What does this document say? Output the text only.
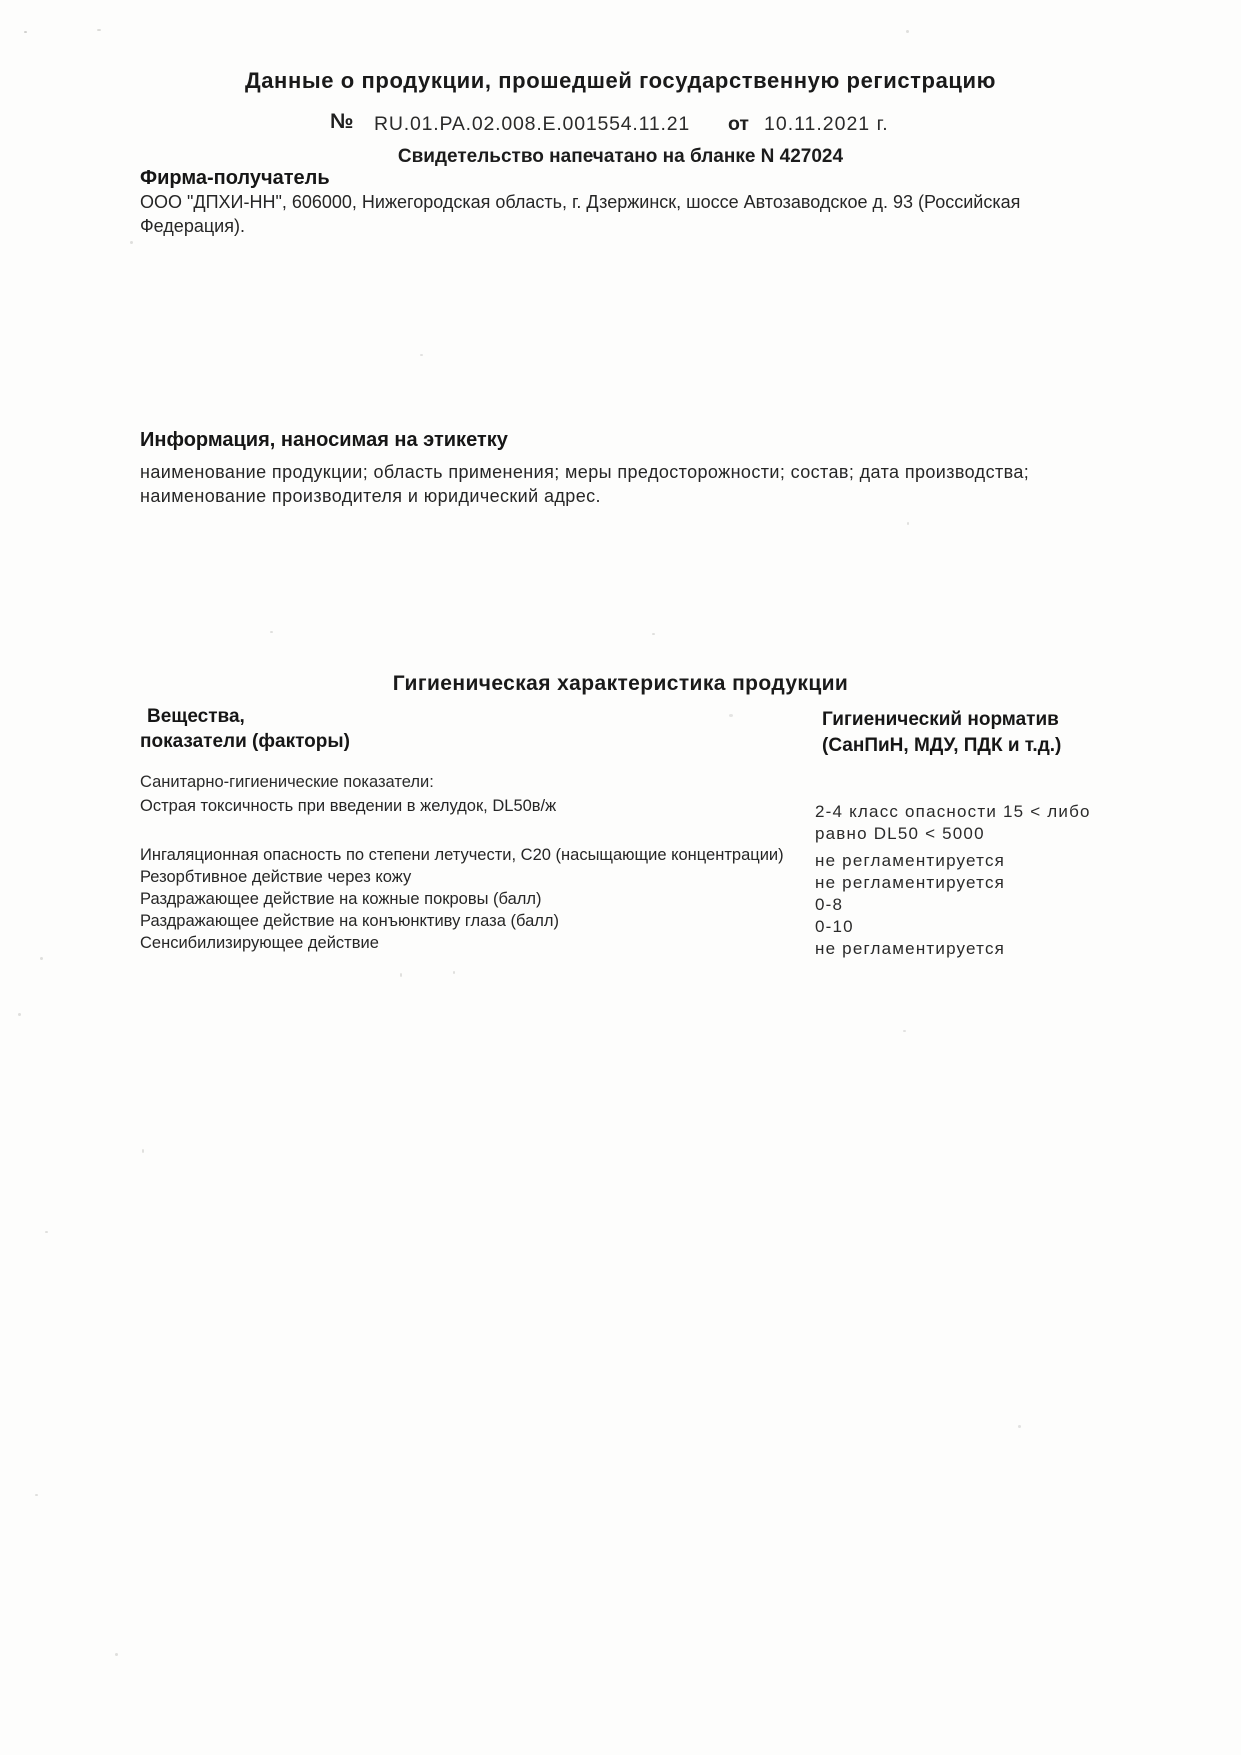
Данные о продукции, прошедшей государственную регистрацию
№ RU.01.PA.02.008.E.001554.11.21 от 10.11.2021 г.
Свидетельство напечатано на бланке N 427024
Фирма-получатель
ООО "ДПХИ-НН", 606000, Нижегородская область, г. Дзержинск, шоссе Автозаводское д. 93 (Российская Федерация).
Информация, наносимая на этикетку
наименование продукции; область применения; меры предосторожности; состав; дата производства; наименование производителя и юридический адрес.
Гигиеническая характеристика продукции
Вещества,
показатели (факторы)
Гигиенический норматив
(СанПиН, МДУ, ПДК и т.д.)
Санитарно-гигиенические показатели:
Острая токсичность при введении в желудок, DL50в/ж	2-4 класс опасности 15 < либо равно DL50 < 5000
Ингаляционная опасность по степени летучести, С20 (насыщающие концентрации)	не регламентируется
Резорбтивное действие через кожу	не регламентируется
Раздражающее действие на кожные покровы (балл)	0-8
Раздражающее действие на конъюнктиву глаза (балл)	0-10
Сенсибилизирующее действие	не регламентируется
